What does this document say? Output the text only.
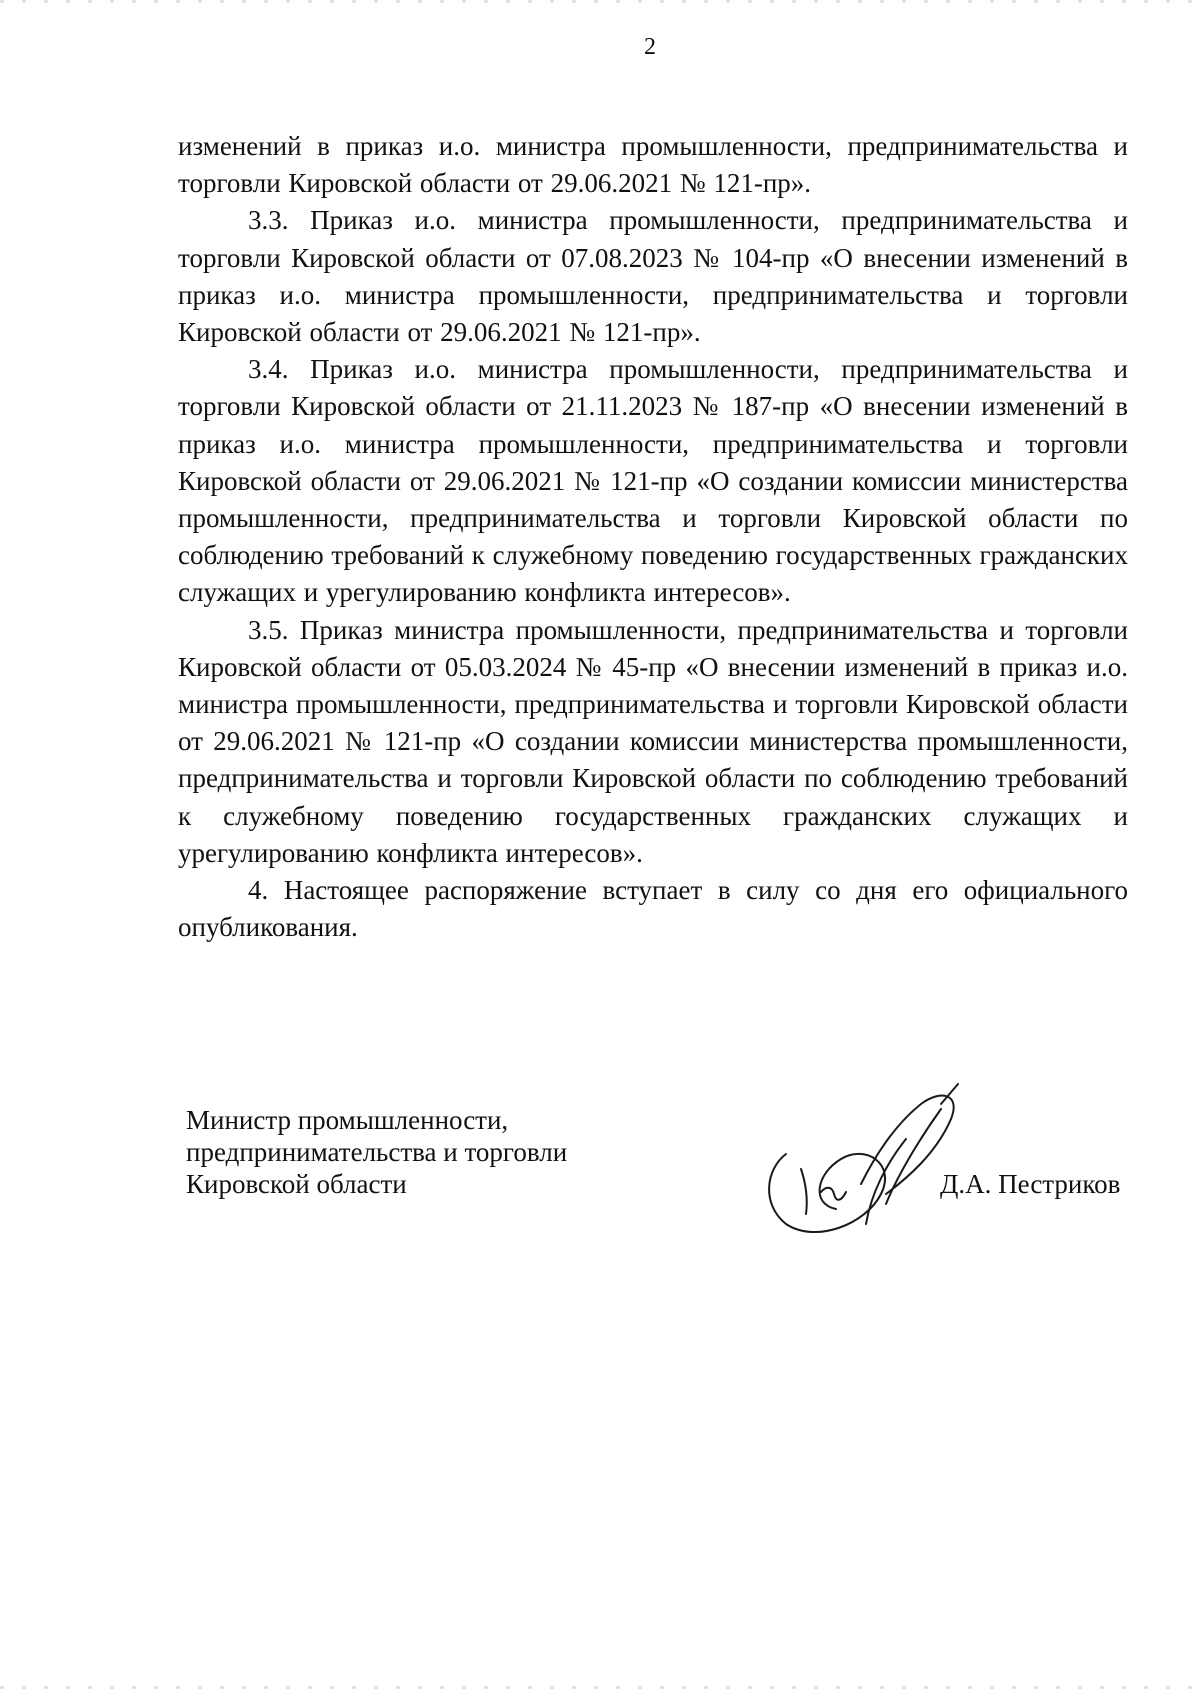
2

изменений в приказ и.о. министра промышленности, предпринимательства и торговли Кировской области от 29.06.2021 № 121-пр».

3.3. Приказ и.о. министра промышленности, предпринимательства и торговли Кировской области от 07.08.2023 № 104-пр «О внесении изменений в приказ и.о. министра промышленности, предпринимательства и торговли Кировской области от 29.06.2021 № 121-пр».

3.4. Приказ и.о. министра промышленности, предпринимательства и торговли Кировской области от 21.11.2023 № 187-пр «О внесении изменений в приказ и.о. министра промышленности, предпринимательства и торговли Кировской области от 29.06.2021 № 121-пр «О создании комиссии министерства промышленности, предпринимательства и торговли Кировской области по соблюдению требований к служебному поведению государственных гражданских служащих и урегулированию конфликта интересов».

3.5. Приказ министра промышленности, предпринимательства и торговли Кировской области от 05.03.2024 № 45-пр «О внесении изменений в приказ и.о. министра промышленности, предпринимательства и торговли Кировской области от 29.06.2021 № 121-пр «О создании комиссии министерства промышленности, предпринимательства и торговли Кировской области по соблюдению требований к служебному поведению государственных гражданских служащих и урегулированию конфликта интересов».

4. Настоящее распоряжение вступает в силу со дня его официального опубликования.

Министр промышленности,
предпринимательства и торговли
Кировской области	Д.А. Пестриков
